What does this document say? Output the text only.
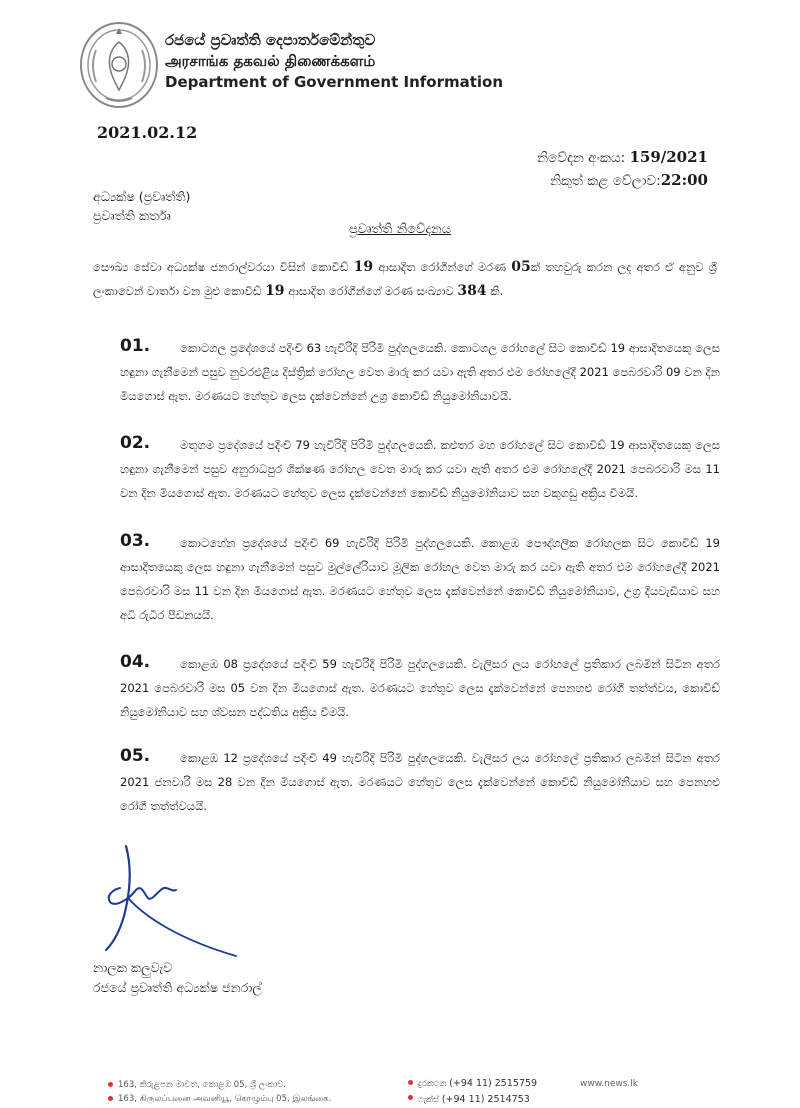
රජයේ ප්‍රවෘත්ති දෙපාර්තමේන්තුව
அரசாங்க தகவல் திணைக்களம்
Department of Government Information
2021.02.12
නිවේදන අංකය: 159/2021
නිකුත් කළ වේලාව:22:00
අධ්‍යක්ෂ (ප්‍රවෘත්ති)
ප්‍රවෘත්ති කර්තෘ
ප්‍රවෘත්ති නිවේදනය
සෞඛ්‍ය සේවා අධ්‍යක්ෂ ජනරාල්වරයා විසින් කොවිඩ් 19 ආසාදිත රෝගීන්ගේ මරණ 05ක් තහවුරු කරන ලද අතර ඒ අනුව ශ්‍රී ලංකාවෙන් වාර්තා වන මුළු කොවිඩ් 19 ආසාදිත රෝගීන්ගේ මරණ සංඛ්‍යාව 384 කි.
01.	කොටගල ප්‍රදේශයේ පදිංචි 63 හැවිරිදි පිරිමි පුද්ගලයෙකි. කොටගල රෝහලේ සිට කොවිඩ් 19 ආසාදිතයෙකු ලෙස හඳුනා ගැනීමෙන් පසුව නුවරඑළිය දිස්ත්‍රික් රෝහල වෙත මාරු කර යවා ඇති අතර එම රෝහලේදී 2021 පෙබරවාරි 09 වන දින මියගොස් ඇත. මරණයට හේතුව ලෙස දැක්වෙන්නේ උග්‍ර කොවිඩ් නියුමෝනියාවයි.

02.	මතුගම ප්‍රදේශයේ පදිංචි 79 හැවිරිදි පිරිමි පුද්ගලයෙකි. කළුතර මහ රෝහලේ සිට කොවිඩ් 19 ආසාදිතයෙකු ලෙස හඳුනා ගැනීමෙන් පසුව අනුරාධපුර ශික්ෂණ රෝහල වෙත මාරු කර යවා ඇති අතර එම රෝහලේදී 2021 පෙබරවාරි මස 11 වන දින මියගොස් ඇත. මරණයට හේතුව ලෙස දැක්වෙන්නේ කොවිඩ් නියුමෝනියාව සහ වකුගඩු අක්‍රිය වීමයි.

03.	කොටහේන ප්‍රදේශයේ පදිංචි 69 හැවිරිදි පිරිමි පුද්ගලයෙකි. කොළඹ පෞද්ගලික රෝහලක සිට කොවිඩ් 19 ආසාදිතයෙකු ලෙස හඳුනා ගැනීමෙන් පසුව මුල්ලේරියාව මූලික රෝහල වෙත මාරු කර යවා ඇති අතර එම රෝහලේදී 2021 පෙබරවාරි මස 11 වන දින මියගොස් ඇත. මරණයට හේතුව ලෙස දැක්වෙන්නේ කොවිඩ් නියුමෝනියාව, උග්‍ර දියවැඩියාව සහ අධි රුධිර පීඩනයයි.

04.	කොළඹ 08 ප්‍රදේශයේ පදිංචි 59 හැවිරිදි පිරිමි පුද්ගලයෙකි. වැලිසර ලය රෝහලේ ප්‍රතිකාර ලබමින් සිටින අතර 2021 පෙබරවාරි මස 05 වන දින මියගොස් ඇත. මරණයට හේතුව ලෙස දැක්වෙන්නේ පෙනහළු රෝගී තත්ත්වය, කොවිඩ් නියුමෝනියාව සහ ශ්වසන පද්ධතිය අක්‍රිය වීමයි.

05.	කොළඹ 12 ප්‍රදේශයේ පදිංචි 49 හැවිරිදි පිරිමි පුද්ගලයෙකි. වැලිසර ලය රෝහලේ ප්‍රතිකාර ලබමින් සිටින අතර 2021 ජනවාරි මස 28 වන දින මියගොස් ඇත. මරණයට හේතුව ලෙස දැක්වෙන්නේ කොවිඩ් නියුමෝනියාව සහ පෙනහළු රෝගී තත්ත්වයයි.

නාලක කලුවැව
රජයේ ප්‍රවෘත්ති අධ්‍යක්ෂ ජනරාල්
163, කිරුළපන මාවත, කොළඹ 05, ශ්‍රී ලංකාව.
163, கிருலப்பனை அவனியூ, கொழும்பு 05, இலங்கை.
දුරකථන (+94 11) 2515759
ෆැක්ස් (+94 11) 2514753
www.news.lk
